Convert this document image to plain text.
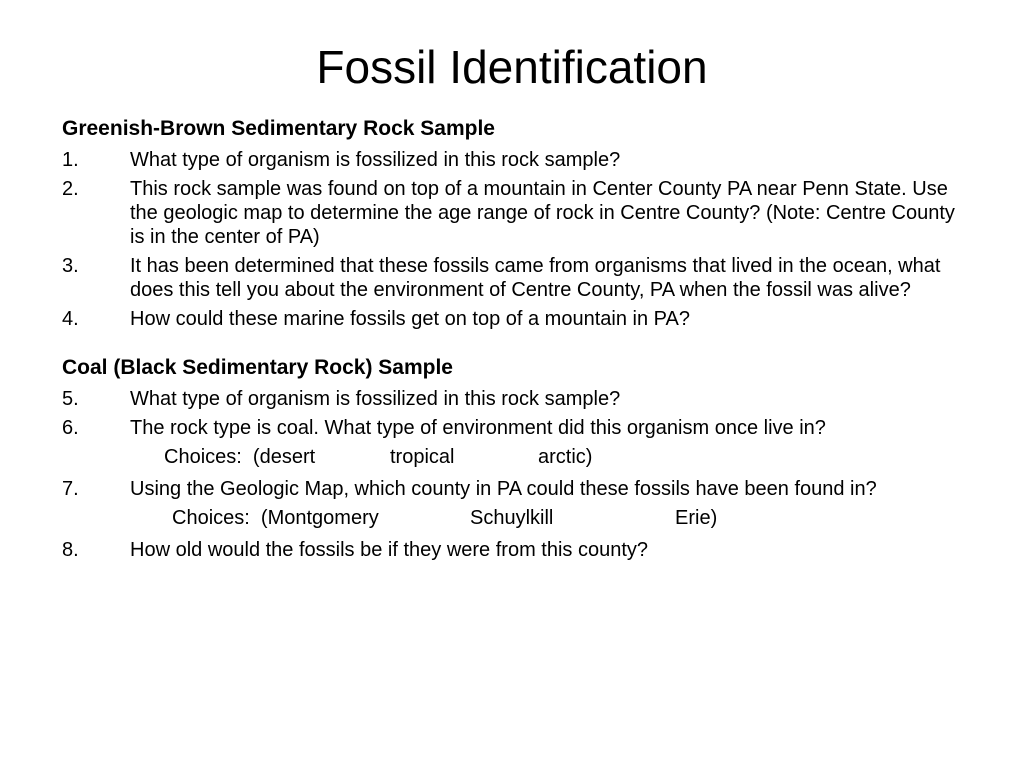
Fossil Identification
Greenish-Brown Sedimentary Rock Sample
1.	What type of organism is fossilized in this rock sample?
2.	This rock sample was found on top of a mountain in Center County PA near Penn State. Use the geologic map to determine the age range of rock in Centre County? (Note: Centre County is in the center of PA)
3.	It has been determined that these fossils came from organisms that lived in the ocean, what does this tell you about the environment of Centre County, PA when the fossil was alive?
4.	How could these marine fossils get on top of a mountain in PA?
Coal (Black Sedimentary Rock) Sample
5.	What type of organism is fossilized in this rock sample?
6.	The rock type is coal. What type of environment did this organism once live in?
Choices:  (desert	tropical	arctic)
7.	Using the Geologic Map, which county in PA could these fossils have been found in?
Choices:  (Montgomery	Schuylkill	Erie)
8.	How old would the fossils be if they were from this county?
